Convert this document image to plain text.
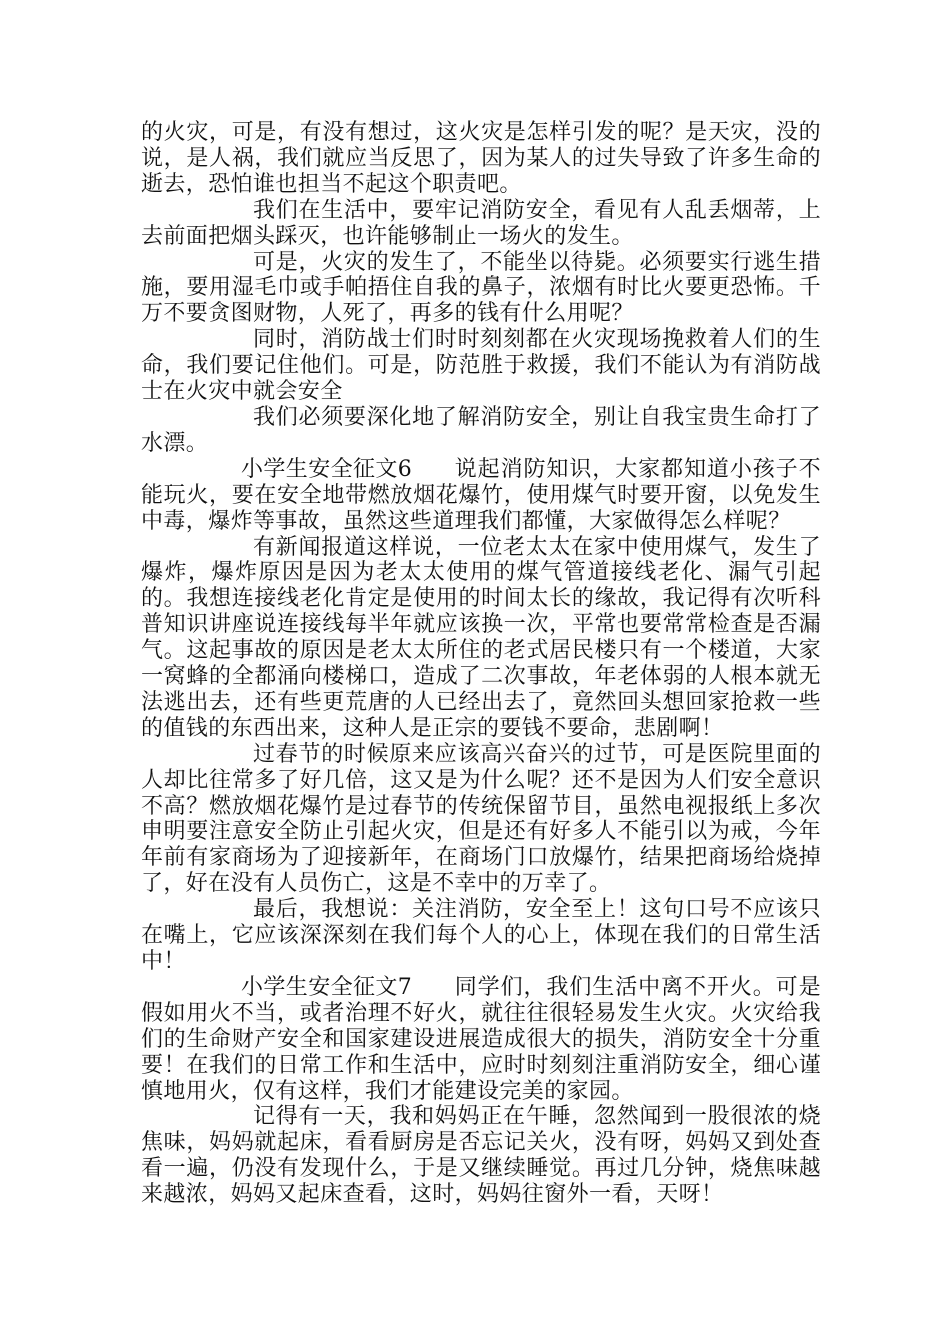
的火灾，可是，有没有想过，这火灾是怎样引发的呢？是天灾，没的说，是人祸，我们就应当反思了，因为某人的过失导致了许多生命的逝去，恐怕谁也担当不起这个职责吧。

我们在生活中，要牢记消防安全，看见有人乱丢烟蒂，上去前面把烟头踩灭，也许能够制止一场火的发生。

可是，火灾的发生了，不能坐以待毙。必须要实行逃生措施，要用湿毛巾或手帕捂住自我的鼻子，浓烟有时比火要更恐怖。千万不要贪图财物，人死了，再多的钱有什么用呢？

同时，消防战士们时时刻刻都在火灾现场挽救着人们的生命，我们要记住他们。可是，防范胜于救援，我们不能认为有消防战士在火灾中就会安全

我们必须要深化地了解消防安全，别让自我宝贵生命打了水漂。

小学生安全征文6 说起消防知识，大家都知道小孩子不能玩火，要在安全地带燃放烟花爆竹，使用煤气时要开窗，以免发生中毒，爆炸等事故，虽然这些道理我们都懂，大家做得怎么样呢？

有新闻报道这样说，一位老太太在家中使用煤气，发生了爆炸，爆炸原因是因为老太太使用的煤气管道接线老化、漏气引起的。我想连接线老化肯定是使用的时间太长的缘故，我记得有次听科普知识讲座说连接线每半年就应该换一次，平常也要常常检查是否漏气。这起事故的原因是老太太所住的老式居民楼只有一个楼道，大家一窝蜂的全都涌向楼梯口，造成了二次事故，年老体弱的人根本就无法逃出去，还有些更荒唐的人已经出去了，竟然回头想回家抢救一些的值钱的东西出来，这种人是正宗的要钱不要命，悲剧啊！

过春节的时候原来应该高兴奋兴的过节，可是医院里面的人却比往常多了好几倍，这又是为什么呢？还不是因为人们安全意识不高？燃放烟花爆竹是过春节的传统保留节目，虽然电视报纸上多次申明要注意安全防止引起火灾，但是还有好多人不能引以为戒，今年年前有家商场为了迎接新年，在商场门口放爆竹，结果把商场给烧掉了，好在没有人员伤亡，这是不幸中的万幸了。

最后，我想说：关注消防，安全至上！这句口号不应该只在嘴上，它应该深深刻在我们每个人的心上，体现在我们的日常生活中！

小学生安全征文7 同学们，我们生活中离不开火。可是假如用火不当，或者治理不好火，就往往很轻易发生火灾。火灾给我们的生命财产安全和国家建设进展造成很大的损失，消防安全十分重要！在我们的日常工作和生活中，应时时刻刻注重消防安全，细心谨慎地用火，仅有这样，我们才能建设完美的家园。

记得有一天，我和妈妈正在午睡，忽然闻到一股很浓的烧焦味，妈妈就起床，看看厨房是否忘记关火，没有呀，妈妈又到处查看一遍，仍没有发现什么，于是又继续睡觉。再过几分钟，烧焦味越来越浓，妈妈又起床查看，这时，妈妈往窗外一看，天呀！
